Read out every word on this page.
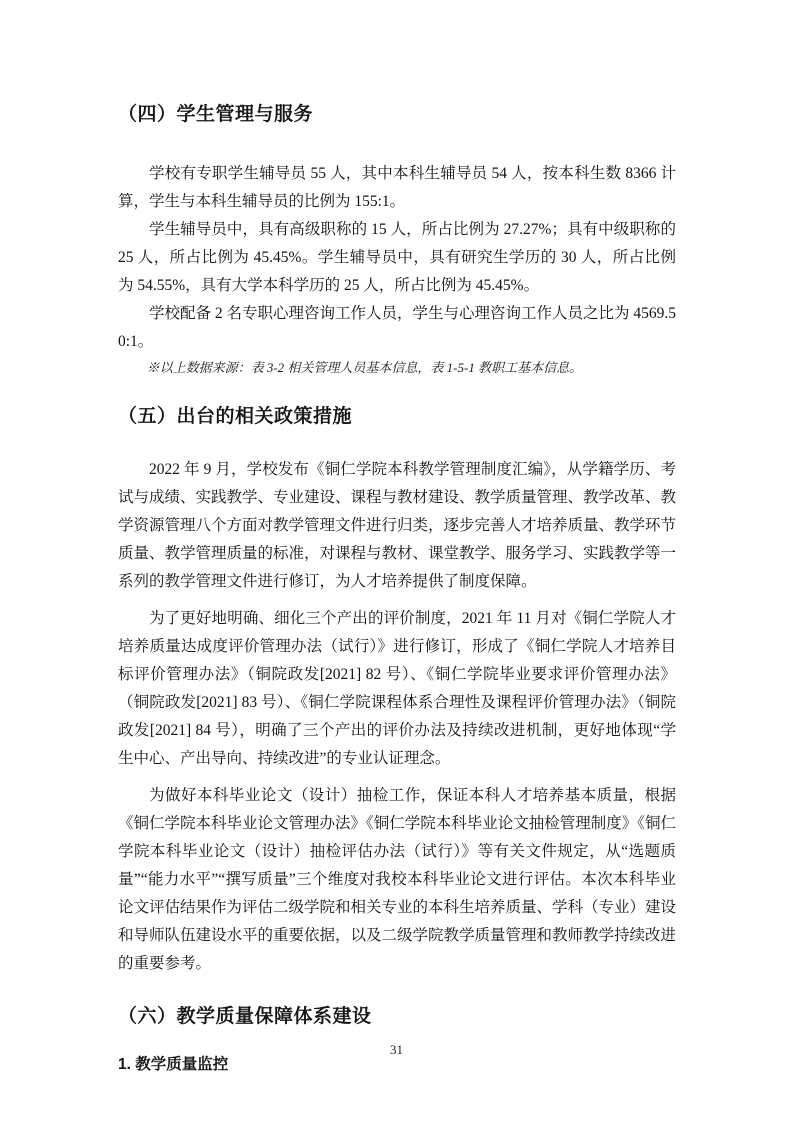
（四）学生管理与服务

学校有专职学生辅导员 55 人，其中本科生辅导员 54 人，按本科生数 8366 计算，学生与本科生辅导员的比例为 155:1。

学生辅导员中，具有高级职称的 15 人，所占比例为 27.27%；具有中级职称的 25 人，所占比例为 45.45%。学生辅导员中，具有研究生学历的 30 人，所占比例为 54.55%，具有大学本科学历的 25 人，所占比例为 45.45%。

学校配备 2 名专职心理咨询工作人员，学生与心理咨询工作人员之比为 4569.50:1。

※以上数据来源：表 3-2 相关管理人员基本信息，表 1-5-1 教职工基本信息。

（五）出台的相关政策措施

2022 年 9 月，学校发布《铜仁学院本科教学管理制度汇编》，从学籍学历、考试与成绩、实践教学、专业建设、课程与教材建设、教学质量管理、教学改革、教学资源管理八个方面对教学管理文件进行归类，逐步完善人才培养质量、教学环节质量、教学管理质量的标准，对课程与教材、课堂教学、服务学习、实践教学等一系列的教学管理文件进行修订，为人才培养提供了制度保障。

为了更好地明确、细化三个产出的评价制度，2021 年 11 月对《铜仁学院人才培养质量达成度评价管理办法（试行）》进行修订，形成了《铜仁学院人才培养目标评价管理办法》（铜院政发[2021] 82 号）、《铜仁学院毕业要求评价管理办法》（铜院政发[2021] 83 号）、《铜仁学院课程体系合理性及课程评价管理办法》（铜院政发[2021] 84 号），明确了三个产出的评价办法及持续改进机制，更好地体现“学生中心、产出导向、持续改进”的专业认证理念。

为做好本科毕业论文（设计）抽检工作，保证本科人才培养基本质量，根据《铜仁学院本科毕业论文管理办法》《铜仁学院本科毕业论文抽检管理制度》《铜仁学院本科毕业论文（设计）抽检评估办法（试行）》等有关文件规定，从“选题质量”“能力水平”“撰写质量”三个维度对我校本科毕业论文进行评估。本次本科毕业论文评估结果作为评估二级学院和相关专业的本科生培养质量、学科（专业）建设和导师队伍建设水平的重要依据，以及二级学院教学质量管理和教师教学持续改进的重要参考。

（六）教学质量保障体系建设
1. 教学质量监控
31
